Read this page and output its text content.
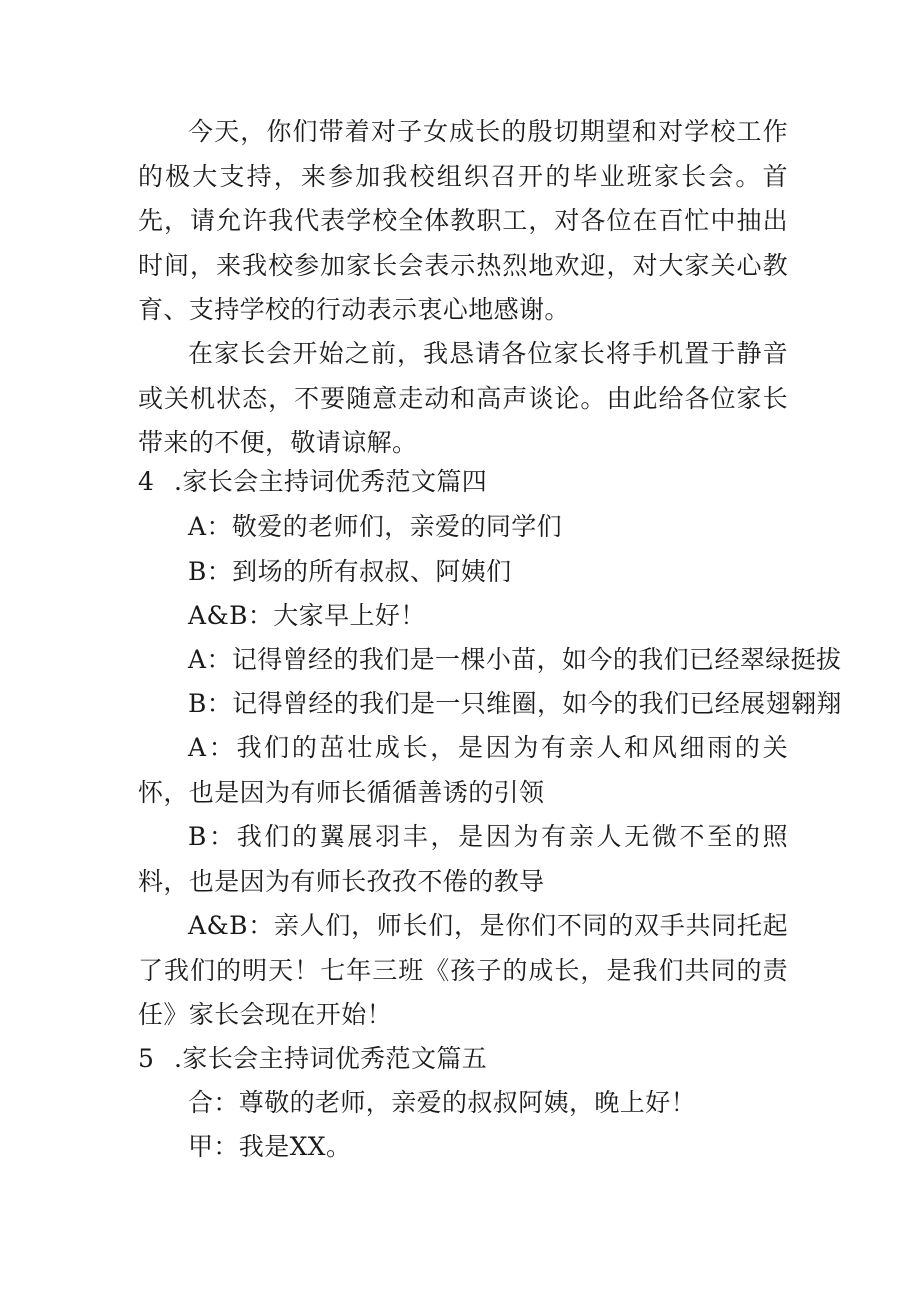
今天，你们带着对子女成长的殷切期望和对学校工作的极大支持，来参加我校组织召开的毕业班家长会。首先，请允许我代表学校全体教职工，对各位在百忙中抽出时间，来我校参加家长会表示热烈地欢迎，对大家关心教育、支持学校的行动表示衷心地感谢。
在家长会开始之前，我恳请各位家长将手机置于静音或关机状态，不要随意走动和高声谈论。由此给各位家长带来的不便，敬请谅解。
4 .家长会主持词优秀范文篇四
A：敬爱的老师们，亲爱的同学们
B：到场的所有叔叔、阿姨们
A&B：大家早上好！
A：记得曾经的我们是一棵小苗，如今的我们已经翠绿挺拔
B：记得曾经的我们是一只维圈，如今的我们已经展翅翱翔
A：我们的茁壮成长，是因为有亲人和风细雨的关怀，也是因为有师长循循善诱的引领
B：我们的翼展羽丰，是因为有亲人无微不至的照料，也是因为有师长孜孜不倦的教导
A&B：亲人们，师长们，是你们不同的双手共同托起了我们的明天！七年三班《孩子的成长，是我们共同的责任》家长会现在开始！
5 .家长会主持词优秀范文篇五
合：尊敬的老师，亲爱的叔叔阿姨，晚上好！
甲：我是XX。
